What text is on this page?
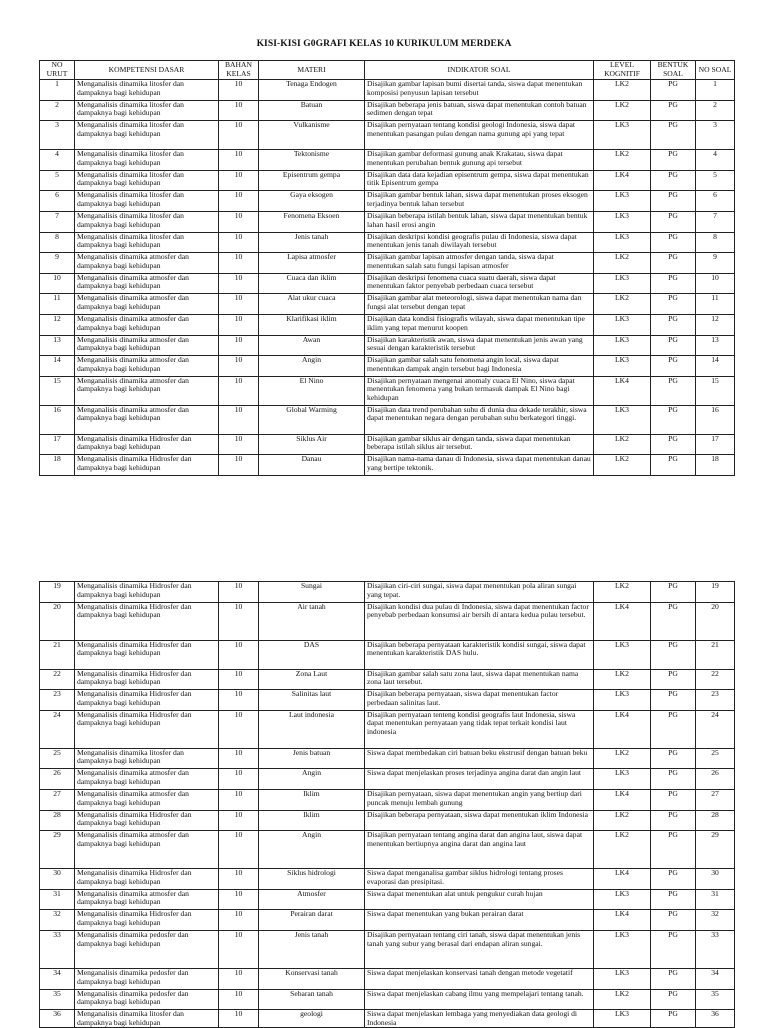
KISI-KISI G0GRAFI KELAS 10 KURIKULUM MERDEKA
NO URUT	KOMPETENSI DASAR	BAHAN KELAS	MATERI	INDIKATOR SOAL	LEVEL KOGNITIF	BENTUK SOAL	NO SOAL
1	Menganalisis dinamika litosfer dan dampaknya bagi kehidupan	10	Tenaga Endogen	Disajikan gambar lapisan bumi disertai tanda, siswa dapat menentukan komposisi penyusun lapisan tersebut	LK2	PG	1
2	Menganalisis dinamika litosfer dan dampaknya bagi kehidupan	10	Batuan	Disajikan beberapa jenis batuan, siswa dapat menentukan contoh batuan sedimen dengan tepat	LK2	PG	2
3	Menganalisis dinamika litosfer dan dampaknya bagi kehidupan	10	Vulkanisme	Disajikan pernyataan tentang kondisi geologi Indonesia, siswa dapat menentukan pasangan pulau dengan nama gunung api yang tepat	LK3	PG	3
4	Menganalisis dinamika litosfer dan dampaknya bagi kehidupan	10	Tektonisme	Disajikan gambar deformasi gunung anak Krakatau, siswa dapat menentukan perubahan bentuk gunung api tersebut	LK2	PG	4
5	Menganalisis dinamika litosfer dan dampaknya bagi kehidupan	10	Episentrum gempa	Disajikan data data kejadian episentrum gempa, siswa dapat menentukan titik Episentrum gempa	LK4	PG	5
6	Menganalisis dinamika litosfer dan dampaknya bagi kehidupan	10	Gaya eksogen	Disajikan gambar bentuk lahan, siswa dapat menentukan proses eksogen terjadinya bentuk lahan tersebut	LK3	PG	6
7	Menganalisis dinamika litosfer dan dampaknya bagi kehidupan	10	Fenomena Eksoen	Disajikan beberapa istilah bentuk lahan, siswa dapat menentukan bentuk lahan hasil erosi angin	LK3	PG	7
8	Menganalisis dinamika litosfer dan dampaknya bagi kehidupan	10	Jenis tanah	Disajikan deskripsi kondisi geografis pulau di Indonesia, siswa dapat menentukan jenis tanah diwilayah tersebut	LK3	PG	8
9	Menganalisis dinamika atmosfer dan dampaknya bagi kehidupan	10	Lapisa atmosfer	Disajikan gambar lapisan atmosfer dengan tanda, siswa dapat menentukan salah satu fungsi lapisan atmosfer	LK2	PG	9
10	Menganalisis dinamika atmosfer dan dampaknya bagi kehidupan	10	Cuaca dan iklim	Disajikan deskripsi fenomena cuaca suatu daerah, siswa dapat menentukan faktor penyebab perbedaan cuaca tersebut	LK3	PG	10
11	Menganalisis dinamika atmosfer dan dampaknya bagi kehidupan	10	Alat ukur cuaca	Disajikan gambar alat meteorologi, siswa dapat menentukan nama dan fungsi alat tersebut dengan tepat	LK2	PG	11
12	Menganalisis dinamika atmosfer dan dampaknya bagi kehidupan	10	Klarifikasi iklim	Disajikan data kondisi fisiografis wilayah, siswa dapat menentukan tipe iklim yang tepat menurut koopen	LK3	PG	12
13	Menganalisis dinamika atmosfer dan dampaknya bagi kehidupan	10	Awan	Disajikan karakteristik awan, siswa dapat menentukan jenis awan yang sesuai dengan karakteristik tersebut	LK3	PG	13
14	Menganalisis dinamika atmosfer dan dampaknya bagi kehidupan	10	Angin	Disajikan gambar salah satu fenomena angin local, siswa dapat menentukan dampak angin tersebut bagi Indonesia	LK3	PG	14
15	Menganalisis dinamika atmosfer dan dampaknya bagi kehidupan	10	El Nino	Disajikan pernyataan mengenai anomaly cuaca El Nino, siswa dapat menentukan fenomena yang bukan termasuk dampak El Nino bagi kehidupan	LK4	PG	15
16	Menganalisis dinamika atmosfer dan dampaknya bagi kehidupan	10	Global Warming	Disajikan data trend perubahan suhu di dunia dua dekade terakhir, siswa dapat menentukan negara dengan perubahan suhu berkategori tinggi.	LK3	PG	16
17	Menganalisis dinamika Hidrosfer dan dampaknya bagi kehidupan	10	Siklus Air	Disajikan gambar siklus air dengan tanda, siswa dapat menentukan beberapa istilah siklus air tersebut.	LK2	PG	17
18	Menganalisis dinamika Hidrosfer dan dampaknya bagi kehidupan	10	Danau	Disajikan nama-nama danau di Indonesia, siswa dapat menentukan danau yang bertipe tektonik.	LK2	PG	18
19	Menganalisis dinamika Hidrosfer dan dampaknya bagi kehidupan	10	Sungai	Disajikan ciri-ciri sungai, siswa dapat menentukan pola aliran sungai yang tepat.	LK2	PG	19
20	Menganalisis dinamika Hidrosfer dan dampaknya bagi kehidupan	10	Air tanah	Disajikan kondisi dua pulau di Indonesia, siswa dapat menentukan factor penyebab perbedaan konsumsi air bersih di antara kedua pulau tersebut.	LK4	PG	20
21	Menganalisis dinamika Hidrosfer dan dampaknya bagi kehidupan	10	DAS	Disajikan beberapa pernyataan karakteristik kondisi sungai, siswa dapat menentukan karakteristik DAS hulu.	LK3	PG	21
22	Menganalisis dinamika Hidrosfer dan dampaknya bagi kehidupan	10	Zona Laut	Disajikan gambar salah satu zona laut, siswa dapat menentukan nama zona laut tersebut.	LK2	PG	22
23	Menganalisis dinamika Hidrosfer dan dampaknya bagi kehidupan	10	Salinitas laut	Disajikan beberapa pernyataan, siswa dapat menentukan factor perbedaan salinitas laut.	LK3	PG	23
24	Menganalisis dinamika Hidrosfer dan dampaknya bagi kehidupan	10	Laut indonesia	Disajikan pernyataan tenteng kondisi geografis laut Indonesia, siswa dapat menentukan pernyataan yang tidak tepat terkait kondisi laut indonesia	LK4	PG	24
25	Menganalisis dinamika litosfer dan dampaknya bagi kehidupan	10	Jenis batuan	Siswa dapat membedakan ciri batuan beku ekstrusif dengan batuan beku	LK2	PG	25
26	Menganalisis dinamika atmosfer dan dampaknya bagi kehidupan	10	Angin	Siswa dapat menjelaskan proses terjadinya angina darat dan angin laut	LK3	PG	26
27	Menganalisis dinamika atmosfer dan dampaknya bagi kehidupan	10	Iklim	Disajikan pernyataan, siswa dapat menentukan angin yang bertiup dari puncak menuju lembah gunung	LK4	PG	27
28	Menganalisis dinamika Hidrosfer dan dampaknya bagi kehidupan	10	Iklim	Disajikan beberapa pernyataan, siswa dapat menentukan iklim Indonesia	LK2	PG	28
29	Menganalisis dinamika atmosfer dan dampaknya bagi kehidupan	10	Angin	Disajikan pernyataan tentang angina darat dan angina laut, siswa dapat menentukan bertiupnya angina darat dan angina laut	LK2	PG	29
30	Menganalisis dinamika Hidrosfer dan dampaknya bagi kehidupan	10	Siklus hidrologi	Siswa dapat menganalisa gambar siklus hidrologi tentang proses evaporasi dan presipitasi.	LK4	PG	30
31	Menganalisis dinamika atmosfer dan dampaknya bagi kehidupan	10	Atmosfer	Siswa dapat menentukan alat untuk pengukur curah hujan	LK3	PG	31
32	Menganalisis dinamika Hidrosfer dan dampaknya bagi kehidupan	10	Perairan darat	Siswa dapat menentukan yang bukan perairan darat	LK4	PG	32
33	Menganalisis dinamika pedosfer dan dampaknya bagi kehidupan	10	Jenis tanah	Disajikan pernyataan tentang ciri tanah, siswa dapat menentukan jenis tanah yang subur yang berasal dari endapan aliran sungai.	LK3	PG	33
34	Menganalisis dinamika pedosfer dan dampaknya bagi kehidupan	10	Konservasi tanah	Siswa dapat menjelaskan konservasi tanah dengan metode vegetatif	LK3	PG	34
35	Menganalisis dinamika pedosfer dan dampaknya bagi kehidupan	10	Sebaran tanah	Siswa dapat menjelaskan cabang ilmu yang mempelajari tentang tanah.	LK2	PG	35
36	Menganalisis dinamika litosfer dan dampaknya bagi kehidupan	10	geologi	Siswa dapat menjelaskan lembaga yang menyediakan data geologi di Indonesia	LK3	PG	36
